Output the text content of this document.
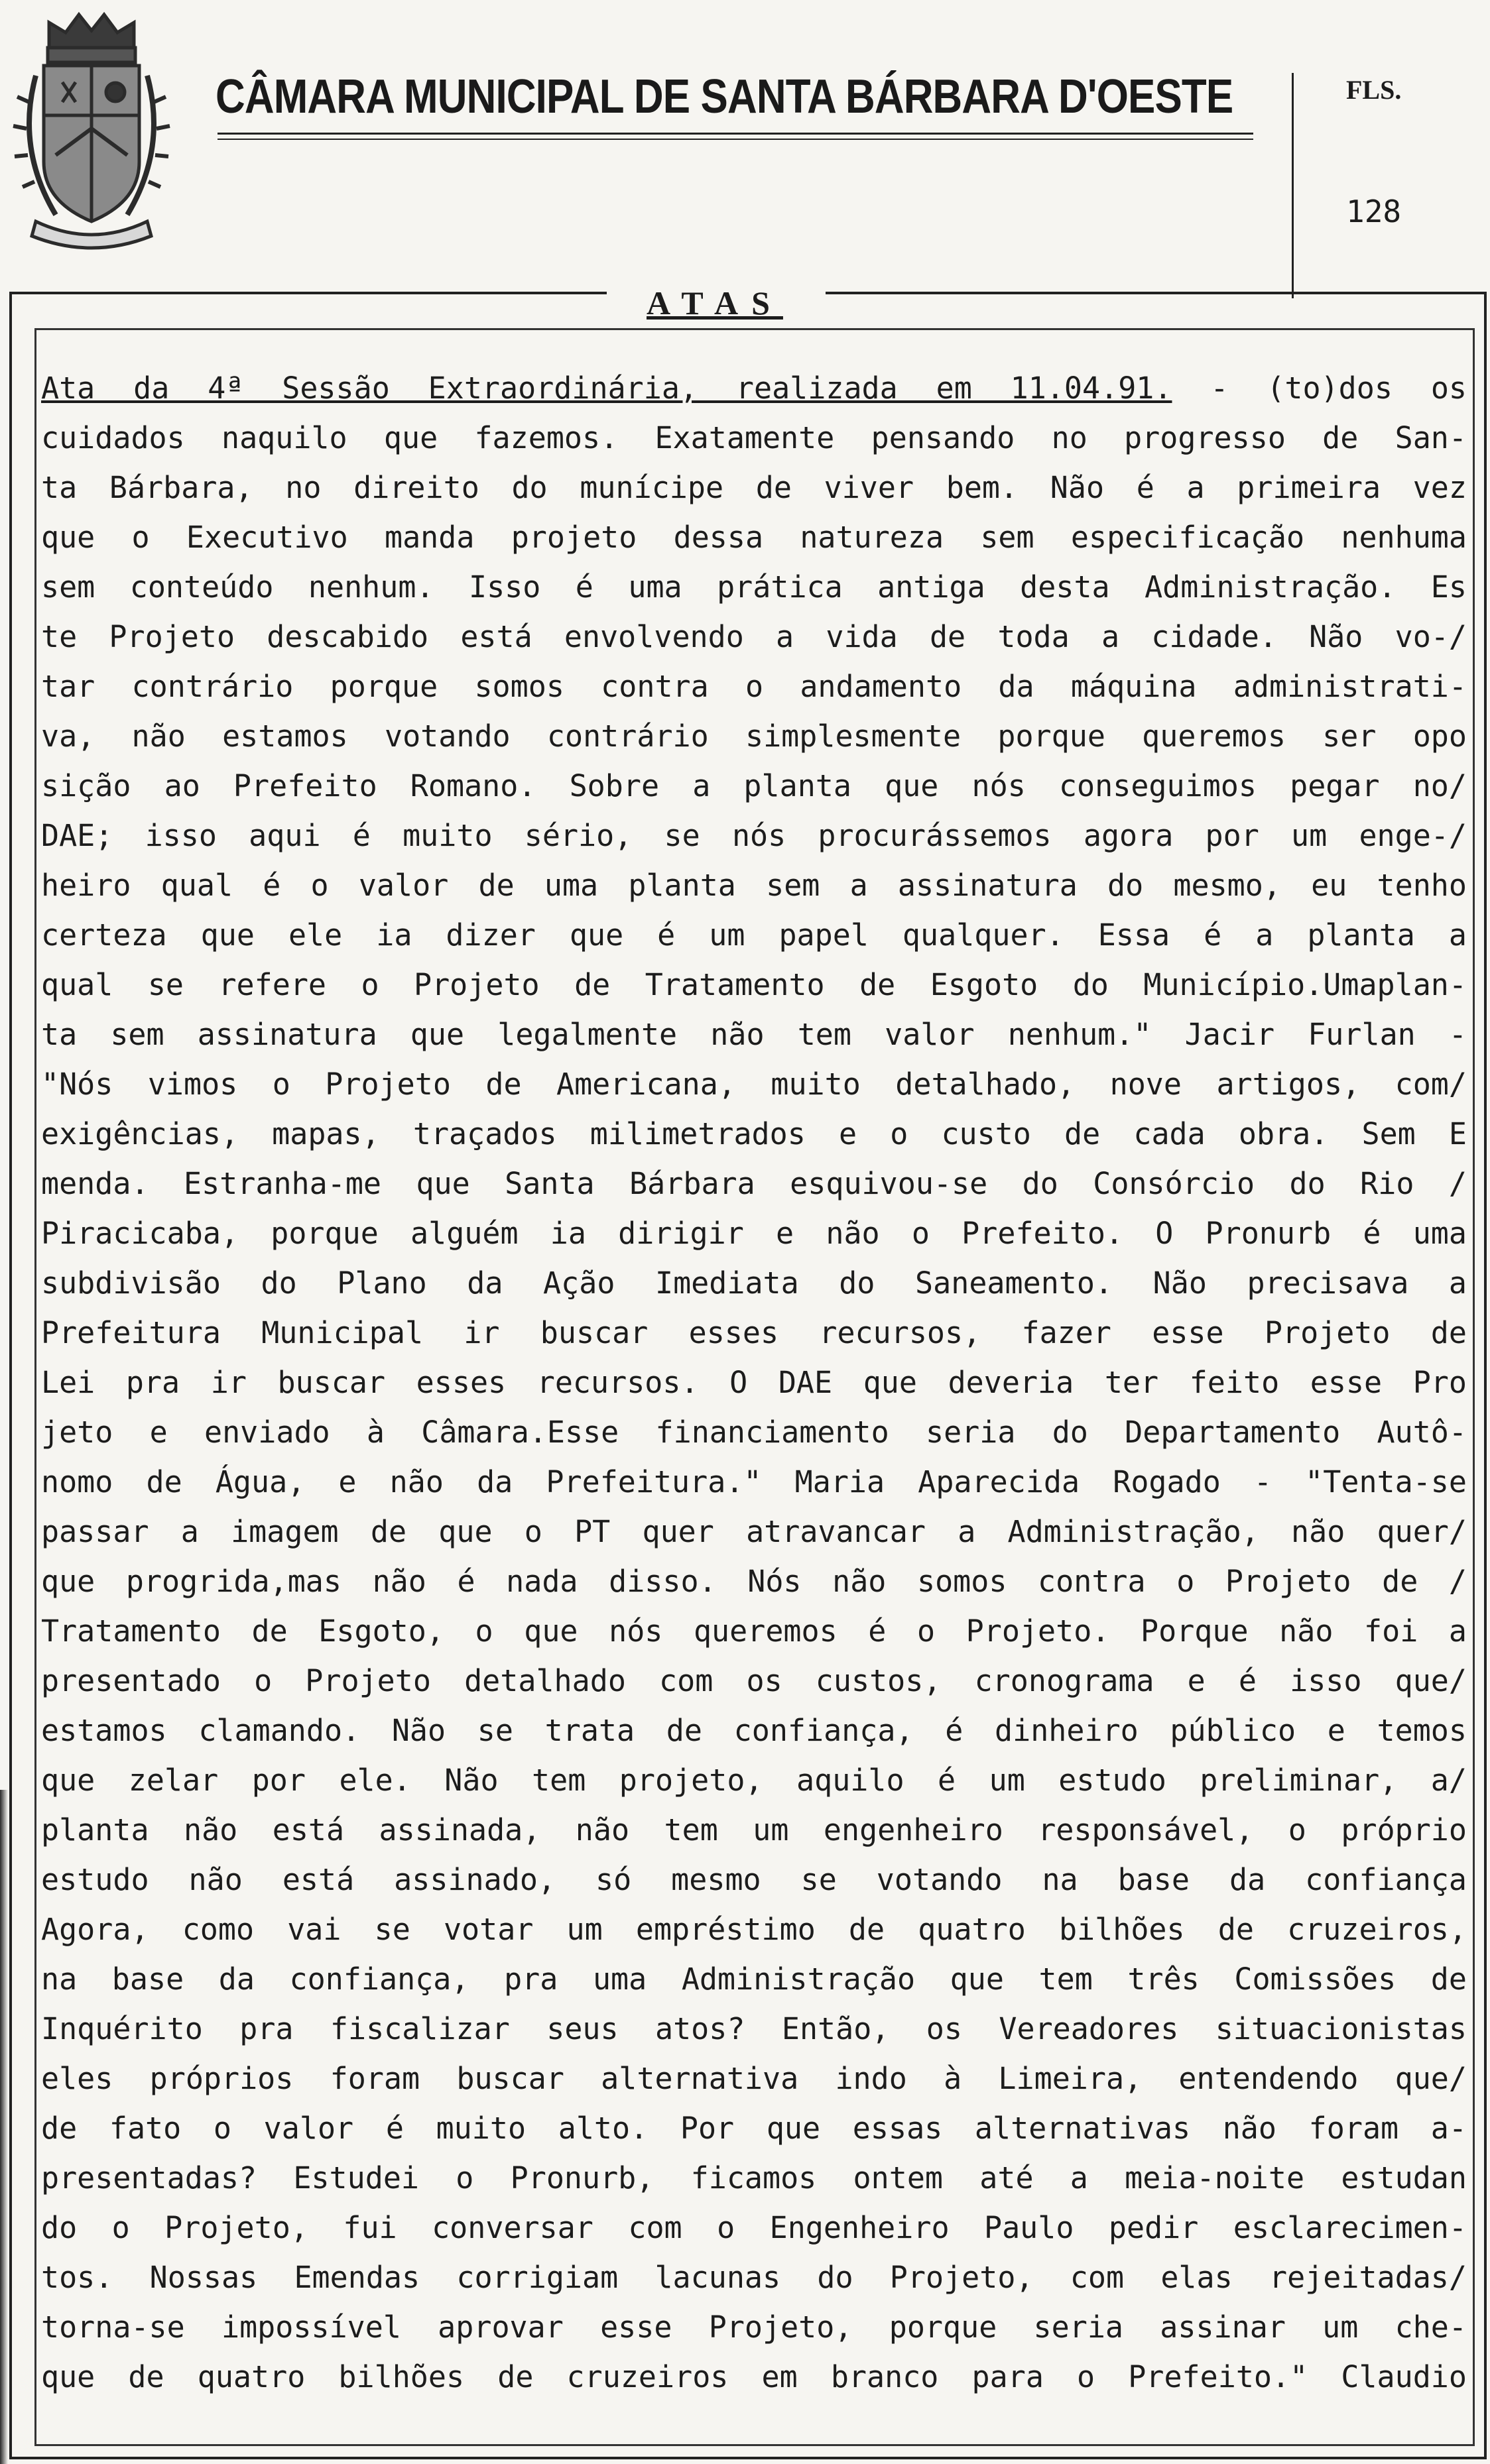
CÂMARA MUNICIPAL DE SANTA BÁRBARA D'OESTE	FLS.
128
ATAS
Ata da 4ª Sessão Extraordinária, realizada em 11.04.91. - (to)dos os
cuidados naquilo que fazemos. Exatamente pensando no progresso de San-
ta Bárbara, no direito do munícipe de viver bem. Não é a primeira vez
que o Executivo manda projeto dessa natureza sem especificação nenhuma
sem conteúdo nenhum. Isso é uma prática antiga desta Administração. Es
te Projeto descabido está envolvendo a vida de toda a cidade. Não vo-/
tar contrário porque somos contra o andamento da máquina administrati-
va, não estamos votando contrário simplesmente porque queremos ser opo
sição ao Prefeito Romano. Sobre a planta que nós conseguimos pegar no/
DAE; isso aqui é muito sério, se nós procurássemos agora por um enge-/
heiro qual é o valor de uma planta sem a assinatura do mesmo, eu tenho
certeza que ele ia dizer que é um papel qualquer. Essa é a planta a
qual se refere o Projeto de Tratamento de Esgoto do Município.Umaplan-
ta sem assinatura que legalmente não tem valor nenhum." Jacir Furlan -
"Nós vimos o Projeto de Americana, muito detalhado, nove artigos, com/
exigências, mapas, traçados milimetrados e o custo de cada obra. Sem E
menda. Estranha-me que Santa Bárbara esquivou-se do Consórcio do Rio /
Piracicaba, porque alguém ia dirigir e não o Prefeito. O Pronurb é uma
subdivisão do Plano da Ação Imediata do Saneamento. Não precisava a
Prefeitura Municipal ir buscar esses recursos, fazer esse Projeto de
Lei pra ir buscar esses recursos. O DAE que deveria ter feito esse Pro
jeto e enviado à Câmara.Esse financiamento seria do Departamento Autô-
nomo de Água, e não da Prefeitura." Maria Aparecida Rogado - "Tenta-se
passar a imagem de que o PT quer atravancar a Administração, não quer/
que progrida,mas não é nada disso. Nós não somos contra o Projeto de /
Tratamento de Esgoto, o que nós queremos é o Projeto. Porque não foi a
presentado o Projeto detalhado com os custos, cronograma e é isso que/
estamos clamando. Não se trata de confiança, é dinheiro público e temos
que zelar por ele. Não tem projeto, aquilo é um estudo preliminar, a/
planta não está assinada, não tem um engenheiro responsável, o próprio
estudo não está assinado, só mesmo se votando na base da confiança
Agora, como vai se votar um empréstimo de quatro bilhões de cruzeiros,
na base da confiança, pra uma Administração que tem três Comissões de
Inquérito pra fiscalizar seus atos? Então, os Vereadores situacionistas
eles próprios foram buscar alternativa indo à Limeira, entendendo que/
de fato o valor é muito alto. Por que essas alternativas não foram a-
presentadas? Estudei o Pronurb, ficamos ontem até a meia-noite estudan
do o Projeto, fui conversar com o Engenheiro Paulo pedir esclarecimen-
tos. Nossas Emendas corrigiam lacunas do Projeto, com elas rejeitadas/
torna-se impossível aprovar esse Projeto, porque seria assinar um che-
que de quatro bilhões de cruzeiros em branco para o Prefeito." Claudio
